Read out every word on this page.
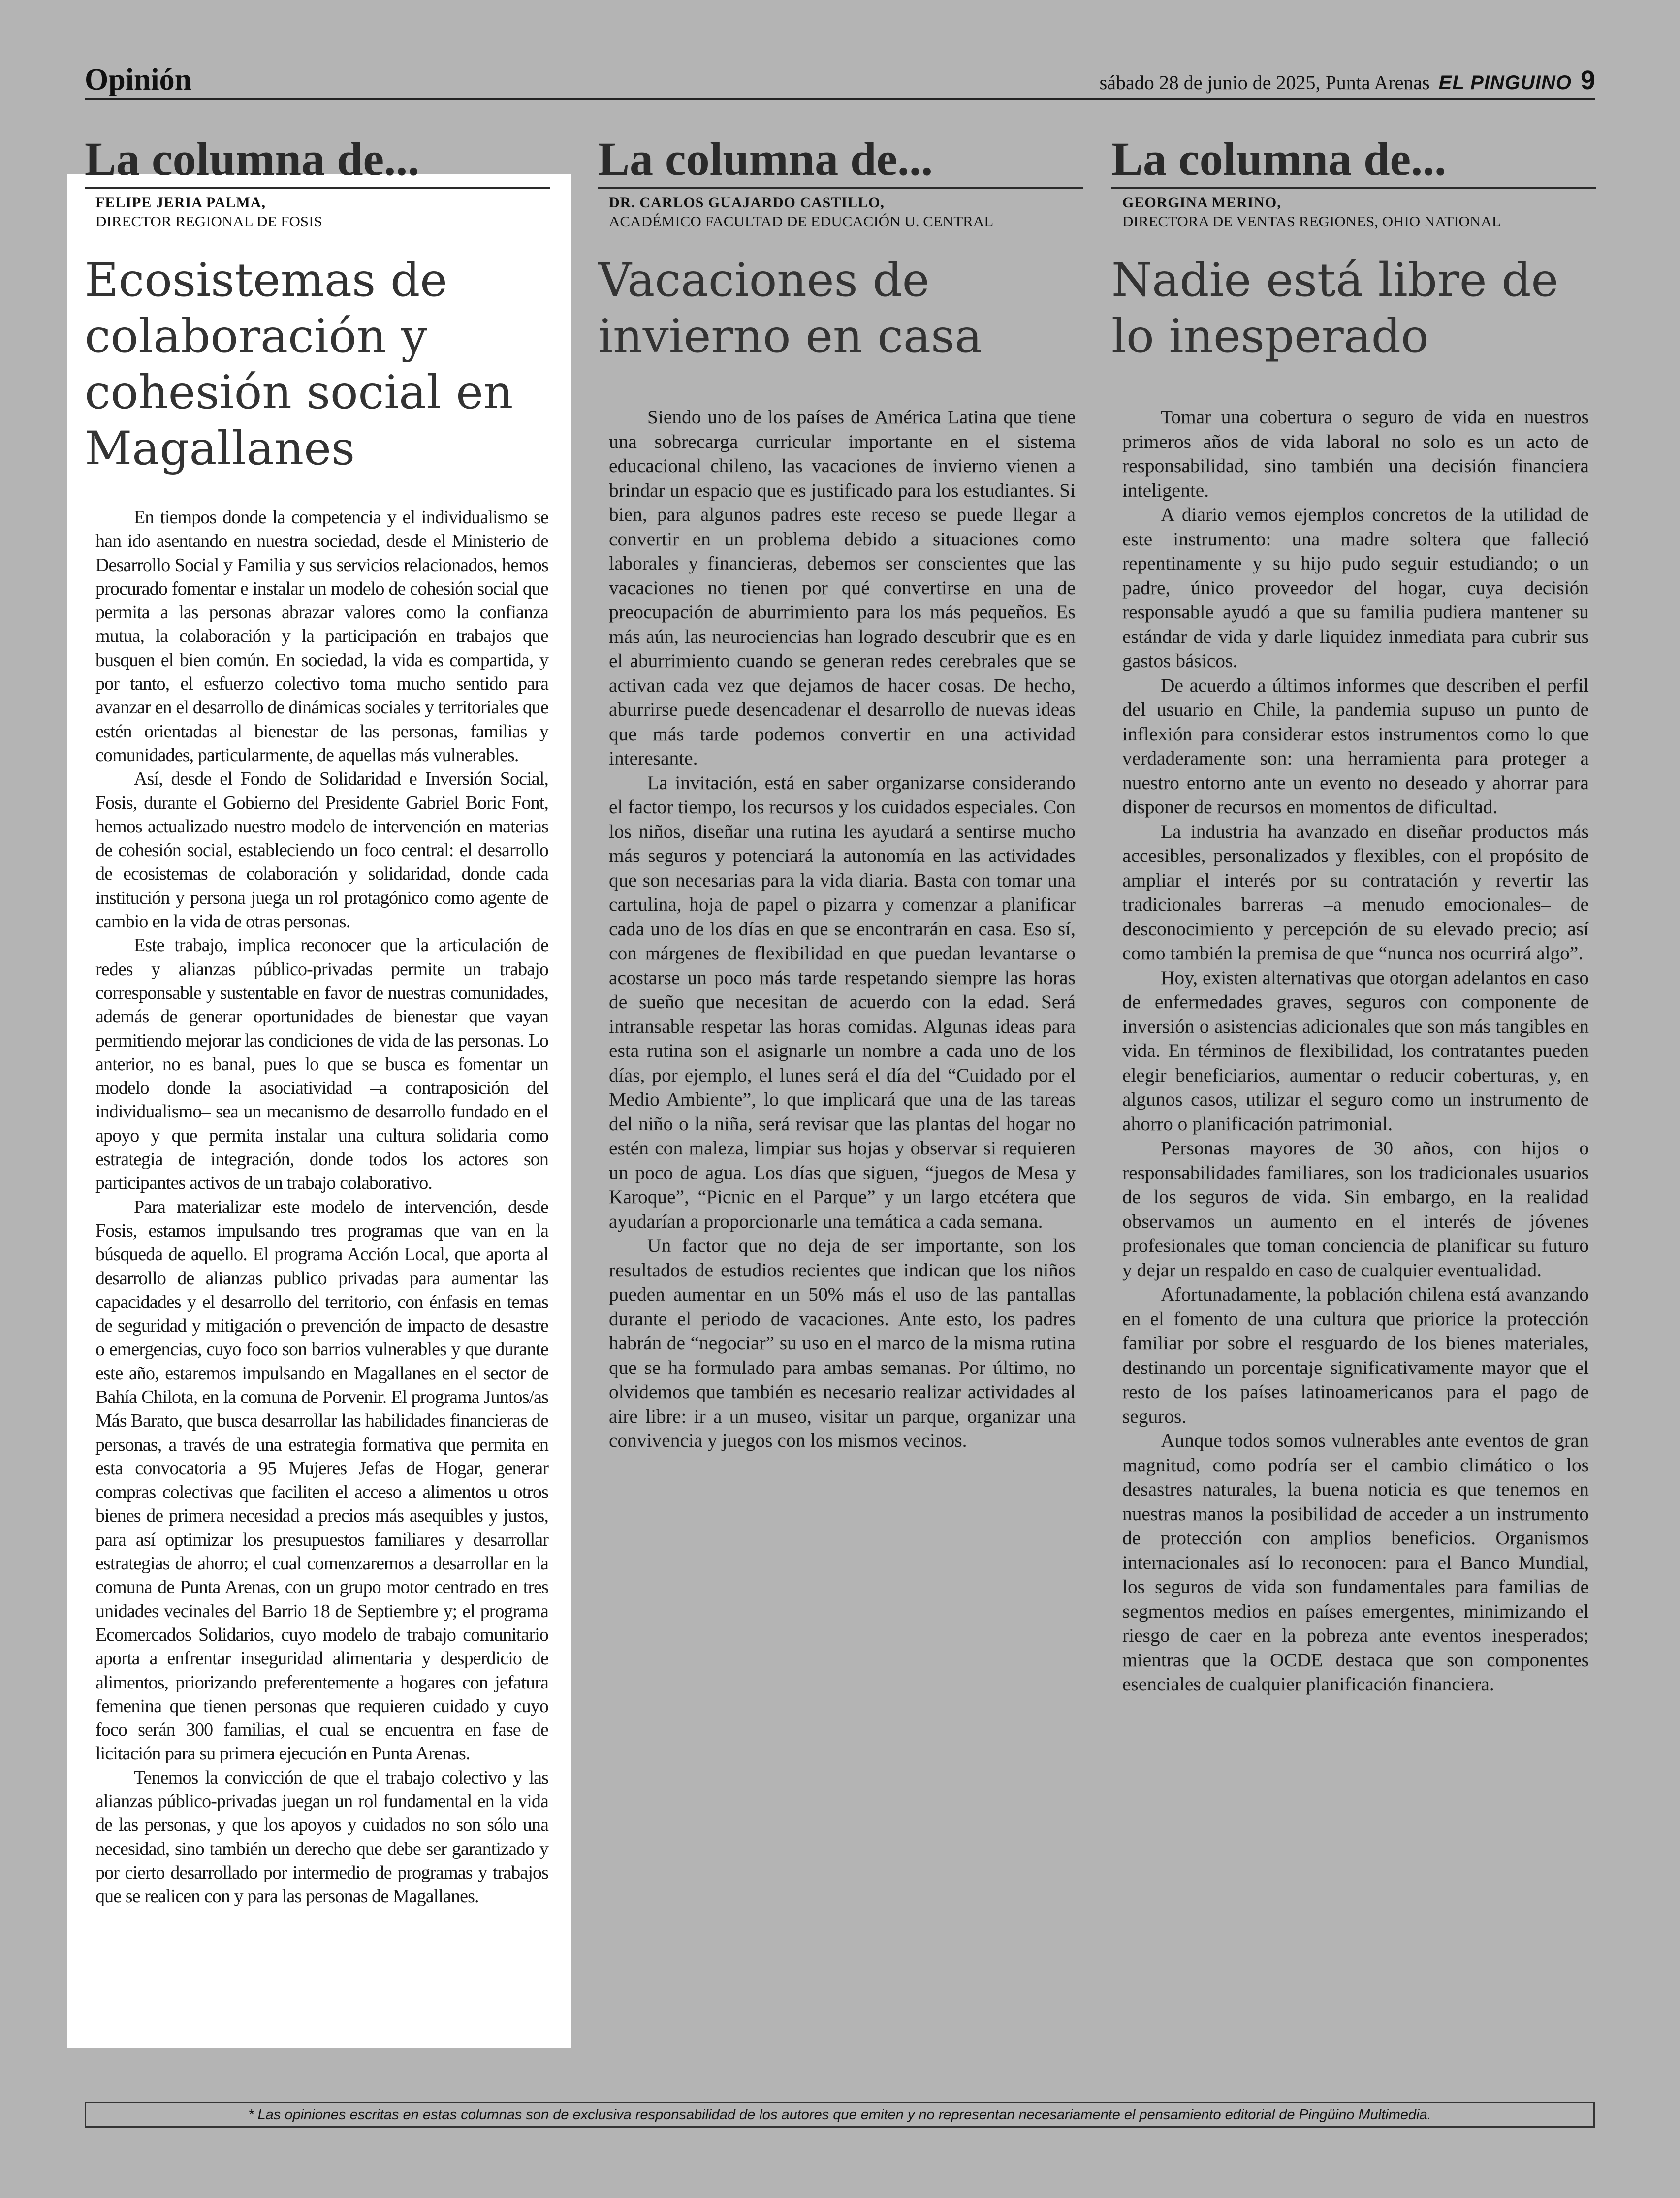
Opinión	sábado 28 de junio de 2025, Punta Arenas EL PINGUINO 9
La columna de...
FELIPE JERIA PALMA,
DIRECTOR REGIONAL DE FOSIS
Ecosistemas de colaboración y cohesión social en Magallanes

En tiempos donde la competencia y el individualismo se han ido asentando en nuestra sociedad, desde el Ministerio de Desarrollo Social y Familia y sus servicios relacionados, hemos procurado fomentar e instalar un modelo de cohesión social que permita a las personas abrazar valores como la confianza mutua, la colaboración y la participación en trabajos que busquen el bien común. En sociedad, la vida es compartida, y por tanto, el esfuerzo colectivo toma mucho sentido para avanzar en el desarrollo de dinámicas sociales y territoriales que estén orientadas al bienestar de las personas, familias y comunidades, particularmente, de aquellas más vulnerables.

Así, desde el Fondo de Solidaridad e Inversión Social, Fosis, durante el Gobierno del Presidente Gabriel Boric Font, hemos actualizado nuestro modelo de intervención en materias de cohesión social, estableciendo un foco central: el desarrollo de ecosistemas de colaboración y solidaridad, donde cada institución y persona juega un rol protagónico como agente de cambio en la vida de otras personas.

Este trabajo, implica reconocer que la articulación de redes y alianzas público-privadas permite un trabajo corresponsable y sustentable en favor de nuestras comunidades, además de generar oportunidades de bienestar que vayan permitiendo mejorar las condiciones de vida de las personas. Lo anterior, no es banal, pues lo que se busca es fomentar un modelo donde la asociatividad –a contraposición del individualismo– sea un mecanismo de desarrollo fundado en el apoyo y que permita instalar una cultura solidaria como estrategia de integración, donde todos los actores son participantes activos de un trabajo colaborativo.

Para materializar este modelo de intervención, desde Fosis, estamos impulsando tres programas que van en la búsqueda de aquello. El programa Acción Local, que aporta al desarrollo de alianzas publico privadas para aumentar las capacidades y el desarrollo del territorio, con énfasis en temas de seguridad y mitigación o prevención de impacto de desastre o emergencias, cuyo foco son barrios vulnerables y que durante este año, estaremos impulsando en Magallanes en el sector de Bahía Chilota, en la comuna de Porvenir. El programa Juntos/as Más Barato, que busca desarrollar las habilidades financieras de personas, a través de una estrategia formativa que permita en esta convocatoria a 95 Mujeres Jefas de Hogar, generar compras colectivas que faciliten el acceso a alimentos u otros bienes de primera necesidad a precios más asequibles y justos, para así optimizar los presupuestos familiares y desarrollar estrategias de ahorro; el cual comenzaremos a desarrollar en la comuna de Punta Arenas, con un grupo motor centrado en tres unidades vecinales del Barrio 18 de Septiembre y; el programa Ecomercados Solidarios, cuyo modelo de trabajo comunitario aporta a enfrentar inseguridad alimentaria y desperdicio de alimentos, priorizando preferentemente a hogares con jefatura femenina que tienen personas que requieren cuidado y cuyo foco serán 300 familias, el cual se encuentra en fase de licitación para su primera ejecución en Punta Arenas.

Tenemos la convicción de que el trabajo colectivo y las alianzas público-privadas juegan un rol fundamental en la vida de las personas, y que los apoyos y cuidados no son sólo una necesidad, sino también un derecho que debe ser garantizado y por cierto desarrollado por intermedio de programas y trabajos que se realicen con y para las personas de Magallanes.

La columna de...
DR. CARLOS GUAJARDO CASTILLO,
ACADÉMICO FACULTAD DE EDUCACIÓN U. CENTRAL
Vacaciones de invierno en casa

Siendo uno de los países de América Latina que tiene una sobrecarga curricular importante en el sistema educacional chileno, las vacaciones de invierno vienen a brindar un espacio que es justificado para los estudiantes. Si bien, para algunos padres este receso se puede llegar a convertir en un problema debido a situaciones como laborales y financieras, debemos ser conscientes que las vacaciones no tienen por qué convertirse en una de preocupación de aburrimiento para los más pequeños. Es más aún, las neurociencias han logrado descubrir que es en el aburrimiento cuando se generan redes cerebrales que se activan cada vez que dejamos de hacer cosas. De hecho, aburrirse puede desencadenar el desarrollo de nuevas ideas que más tarde podemos convertir en una actividad interesante.

La invitación, está en saber organizarse considerando el factor tiempo, los recursos y los cuidados especiales. Con los niños, diseñar una rutina les ayudará a sentirse mucho más seguros y potenciará la autonomía en las actividades que son necesarias para la vida diaria. Basta con tomar una cartulina, hoja de papel o pizarra y comenzar a planificar cada uno de los días en que se encontrarán en casa. Eso sí, con márgenes de flexibilidad en que puedan levantarse o acostarse un poco más tarde respetando siempre las horas de sueño que necesitan de acuerdo con la edad. Será intransable respetar las horas comidas. Algunas ideas para esta rutina son el asignarle un nombre a cada uno de los días, por ejemplo, el lunes será el día del “Cuidado por el Medio Ambiente”, lo que implicará que una de las tareas del niño o la niña, será revisar que las plantas del hogar no estén con maleza, limpiar sus hojas y observar si requieren un poco de agua. Los días que siguen, “juegos de Mesa y Karoque”, “Picnic en el Parque” y un largo etcétera que ayudarían a proporcionarle una temática a cada semana.

Un factor que no deja de ser importante, son los resultados de estudios recientes que indican que los niños pueden aumentar en un 50% más el uso de las pantallas durante el periodo de vacaciones. Ante esto, los padres habrán de “negociar” su uso en el marco de la misma rutina que se ha formulado para ambas semanas. Por último, no olvidemos que también es necesario realizar actividades al aire libre: ir a un museo, visitar un parque, organizar una convivencia y juegos con los mismos vecinos.

La columna de...
GEORGINA MERINO,
DIRECTORA DE VENTAS REGIONES, OHIO NATIONAL
Nadie está libre de lo inesperado

Tomar una cobertura o seguro de vida en nuestros primeros años de vida laboral no solo es un acto de responsabilidad, sino también una decisión financiera inteligente.

A diario vemos ejemplos concretos de la utilidad de este instrumento: una madre soltera que falleció repentinamente y su hijo pudo seguir estudiando; o un padre, único proveedor del hogar, cuya decisión responsable ayudó a que su familia pudiera mantener su estándar de vida y darle liquidez inmediata para cubrir sus gastos básicos.

De acuerdo a últimos informes que describen el perfil del usuario en Chile, la pandemia supuso un punto de inflexión para considerar estos instrumentos como lo que verdaderamente son: una herramienta para proteger a nuestro entorno ante un evento no deseado y ahorrar para disponer de recursos en momentos de dificultad.

La industria ha avanzado en diseñar productos más accesibles, personalizados y flexibles, con el propósito de ampliar el interés por su contratación y revertir las tradicionales barreras –a menudo emocionales– de desconocimiento y percepción de su elevado precio; así como también la premisa de que “nunca nos ocurrirá algo”.

Hoy, existen alternativas que otorgan adelantos en caso de enfermedades graves, seguros con componente de inversión o asistencias adicionales que son más tangibles en vida. En términos de flexibilidad, los contratantes pueden elegir beneficiarios, aumentar o reducir coberturas, y, en algunos casos, utilizar el seguro como un instrumento de ahorro o planificación patrimonial.

Personas mayores de 30 años, con hijos o responsabilidades familiares, son los tradicionales usuarios de los seguros de vida. Sin embargo, en la realidad observamos un aumento en el interés de jóvenes profesionales que toman conciencia de planificar su futuro y dejar un respaldo en caso de cualquier eventualidad.

Afortunadamente, la población chilena está avanzando en el fomento de una cultura que priorice la protección familiar por sobre el resguardo de los bienes materiales, destinando un porcentaje significativamente mayor que el resto de los países latinoamericanos para el pago de seguros.

Aunque todos somos vulnerables ante eventos de gran magnitud, como podría ser el cambio climático o los desastres naturales, la buena noticia es que tenemos en nuestras manos la posibilidad de acceder a un instrumento de protección con amplios beneficios. Organismos internacionales así lo reconocen: para el Banco Mundial, los seguros de vida son fundamentales para familias de segmentos medios en países emergentes, minimizando el riesgo de caer en la pobreza ante eventos inesperados; mientras que la OCDE destaca que son componentes esenciales de cualquier planificación financiera.

* Las opiniones escritas en estas columnas son de exclusiva responsabilidad de los autores que emiten y no representan necesariamente el pensamiento editorial de Pingüino Multimedia.
